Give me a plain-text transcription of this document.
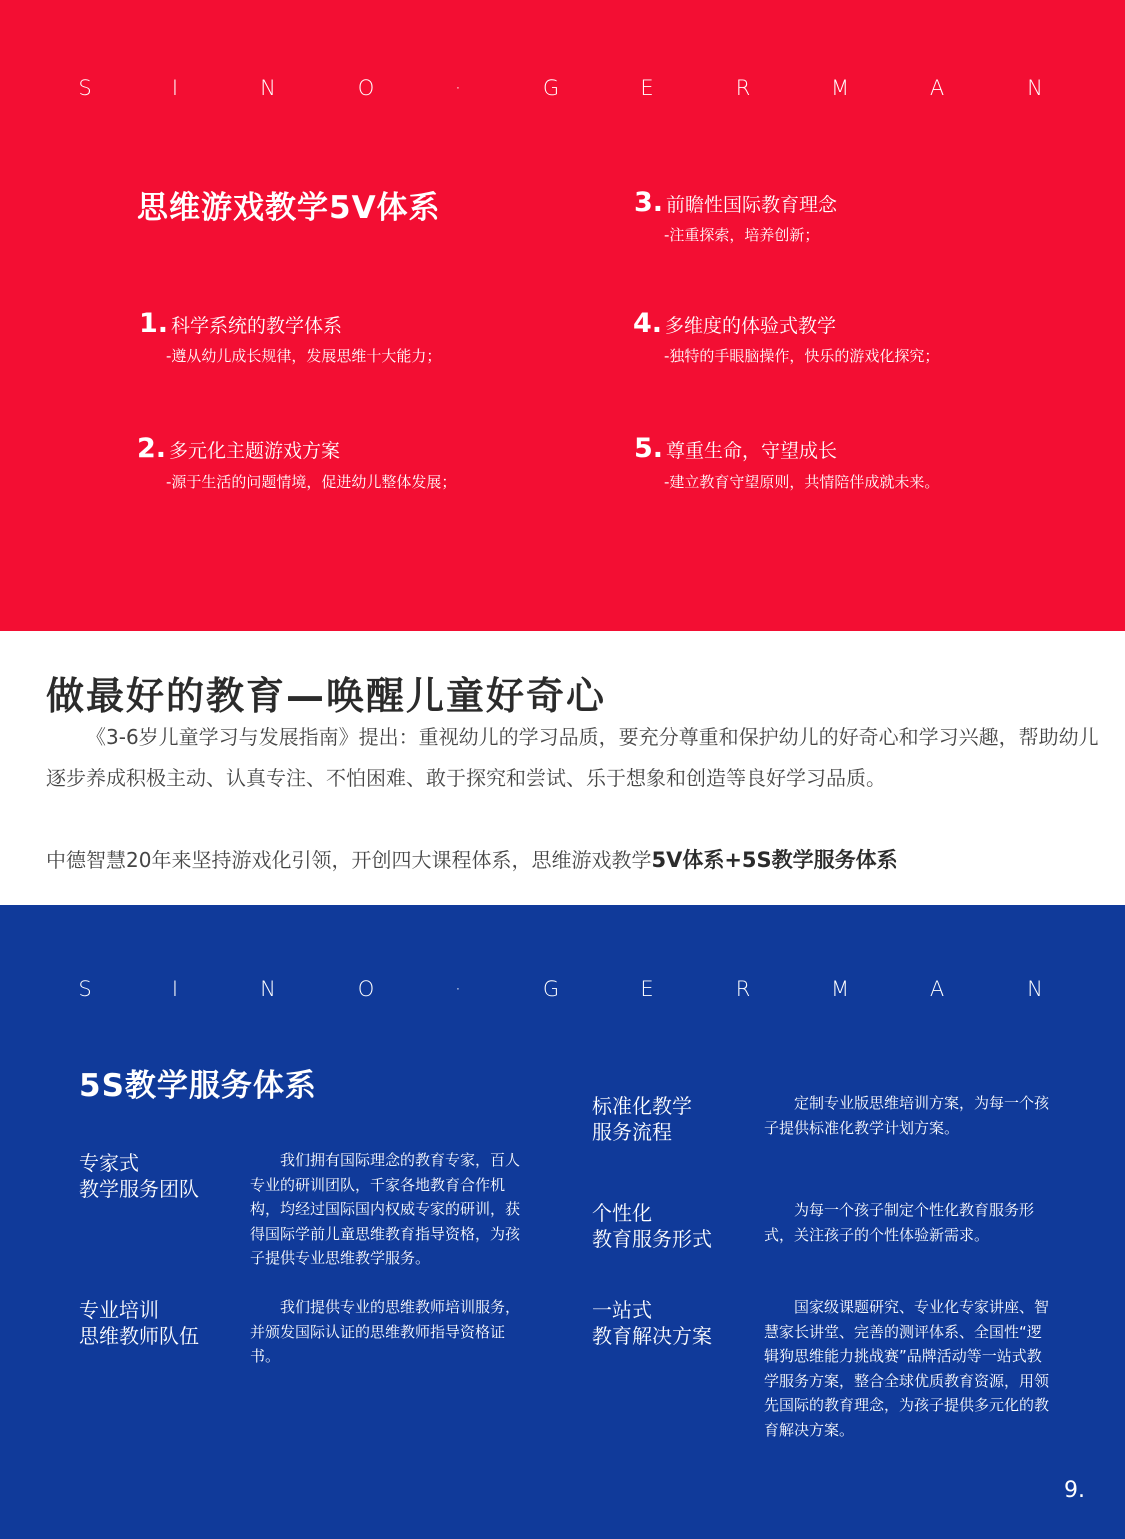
S	I	N	O	·	G	E	R	M	A	N
思维游戏教学5V体系
1. 科学系统的教学体系
-遵从幼儿成长规律，发展思维十大能力；
2. 多元化主题游戏方案
-源于生活的问题情境，促进幼儿整体发展；
3. 前瞻性国际教育理念
-注重探索，培养创新；
4. 多维度的体验式教学
-独特的手眼脑操作，快乐的游戏化探究；
5. 尊重生命，守望成长
-建立教育守望原则，共情陪伴成就未来。
做最好的教育—唤醒儿童好奇心
《3-6岁儿童学习与发展指南》提出：重视幼儿的学习品质，要充分尊重和保护幼儿的好奇心和学习兴趣，帮助幼儿逐步养成积极主动、认真专注、不怕困难、敢于探究和尝试、乐于想象和创造等良好学习品质。
中德智慧20年来坚持游戏化引领，开创四大课程体系，思维游戏教学5V体系+5S教学服务体系
S	I	N	O	·	G	E	R	M	A	N
5S教学服务体系
专家式
教学服务团队
我们拥有国际理念的教育专家，百人专业的研训团队，千家各地教育合作机构，均经过国际国内权威专家的研训，获得国际学前儿童思维教育指导资格，为孩子提供专业思维教学服务。
专业培训
思维教师队伍
我们提供专业的思维教师培训服务，并颁发国际认证的思维教师指导资格证书。
标准化教学
服务流程
定制专业版思维培训方案，为每一个孩子提供标准化教学计划方案。
个性化
教育服务形式
为每一个孩子制定个性化教育服务形式，关注孩子的个性体验新需求。
一站式
教育解决方案
国家级课题研究、专业化专家讲座、智慧家长讲堂、完善的测评体系、全国性“逻辑狗思维能力挑战赛”品牌活动等一站式教学服务方案，整合全球优质教育资源，用领先国际的教育理念，为孩子提供多元化的教育解决方案。
9.
